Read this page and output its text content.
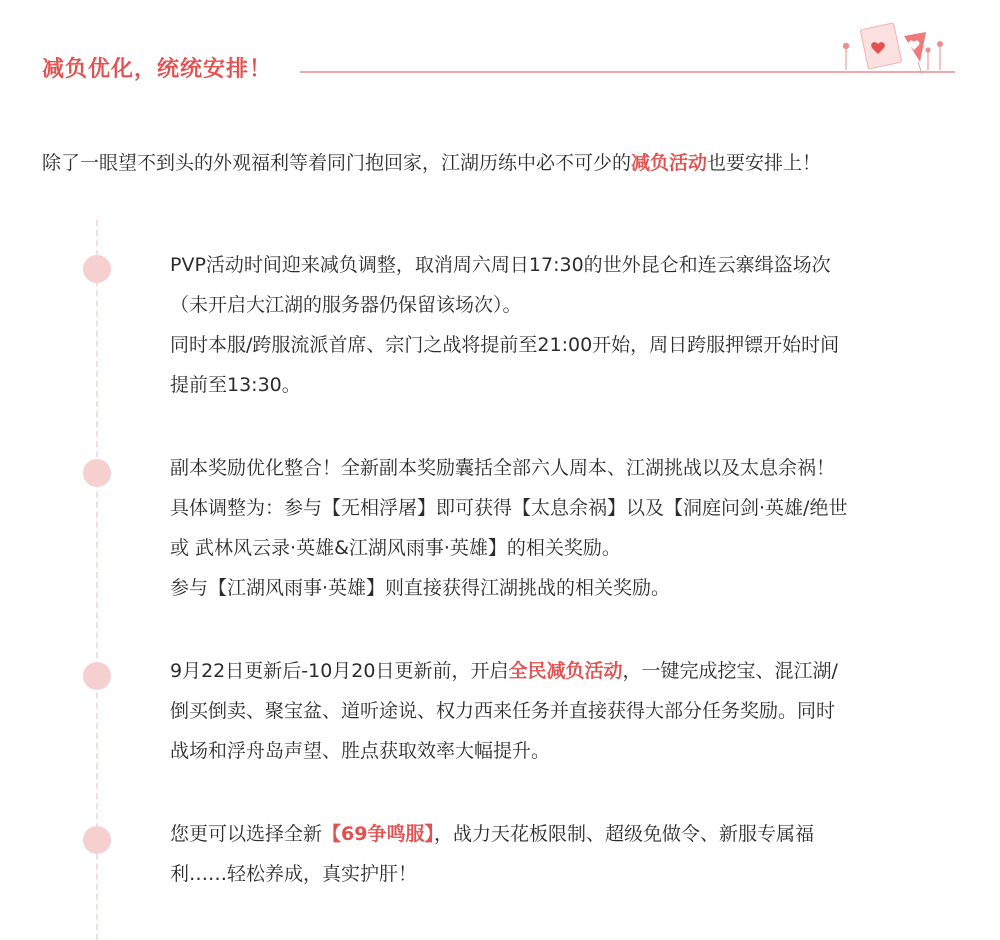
减负优化，统统安排！
除了一眼望不到头的外观福利等着同门抱回家，江湖历练中必不可少的减负活动也要安排上！
PVP活动时间迎来减负调整，取消周六周日17:30的世外昆仑和连云寨缉盗场次
（未开启大江湖的服务器仍保留该场次）。
同时本服/跨服流派首席、宗门之战将提前至21:00开始，周日跨服押镖开始时间
提前至13:30。
副本奖励优化整合！全新副本奖励囊括全部六人周本、江湖挑战以及太息余祸！
具体调整为：参与【无相浮屠】即可获得【太息余祸】以及【洞庭问剑·英雄/绝世
或 武林风云录·英雄&江湖风雨事·英雄】的相关奖励。
参与【江湖风雨事·英雄】则直接获得江湖挑战的相关奖励。
9月22日更新后-10月20日更新前，开启全民减负活动，一键完成挖宝、混江湖/
倒买倒卖、聚宝盆、道听途说、权力西来任务并直接获得大部分任务奖励。同时
战场和浮舟岛声望、胜点获取效率大幅提升。
您更可以选择全新【69争鸣服】，战力天花板限制、超级免做令、新服专属福
利……轻松养成，真实护肝！
